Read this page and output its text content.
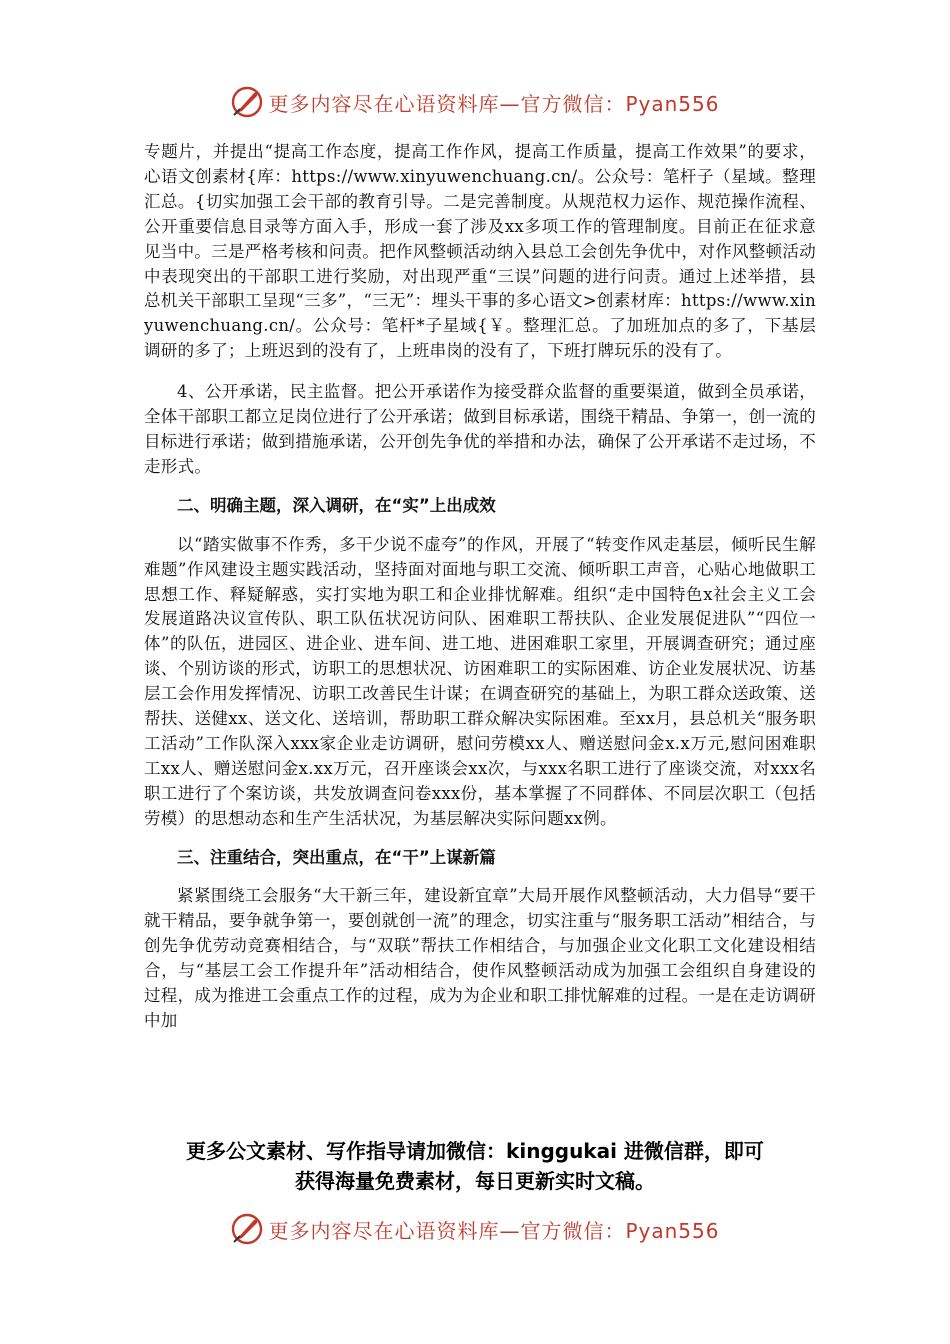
更多内容尽在心语资料库—官方微信：Pyan556

专题片，并提出“提高工作态度，提高工作作风，提高工作质量，提高工作效果”的要求，心语文创素材{库：https://www.xinyuwenchuang.cn/。公众号：笔杆子（星域。整理汇总。{切实加强工会干部的教育引导。二是完善制度。从规范权力运作、规范操作流程、公开重要信息目录等方面入手，形成一套了涉及xx多项工作的管理制度。目前正在征求意见当中。三是严格考核和问责。把作风整顿活动纳入县总工会创先争优中，对作风整顿活动中表现突出的干部职工进行奖励，对出现严重“三误”问题的进行问责。通过上述举措，县总机关干部职工呈现“三多”，“三无”：埋头干事的多心语文>创素材库：https://www.xinyuwenchuang.cn/。公众号：笔杆*子星域{￥。整理汇总。了加班加点的多了，下基层调研的多了；上班迟到的没有了，上班串岗的没有了，下班打牌玩乐的没有了。

4、公开承诺，民主监督。把公开承诺作为接受群众监督的重要渠道，做到全员承诺，全体干部职工都立足岗位进行了公开承诺；做到目标承诺，围绕干精品、争第一，创一流的目标进行承诺；做到措施承诺，公开创先争优的举措和办法，确保了公开承诺不走过场，不走形式。

二、明确主题，深入调研，在“实”上出成效

以“踏实做事不作秀，多干少说不虚夸”的作风，开展了“转变作风走基层，倾听民生解难题”作风建设主题实践活动，坚持面对面地与职工交流、倾听职工声音，心贴心地做职工思想工作、释疑解惑，实打实地为职工和企业排忧解难。组织“走中国特色x社会主义工会发展道路决议宣传队、职工队伍状况访问队、困难职工帮扶队、企业发展促进队”“四位一体”的队伍，进园区、进企业、进车间、进工地、进困难职工家里，开展调查研究；通过座谈、个别访谈的形式，访职工的思想状况、访困难职工的实际困难、访企业发展状况、访基层工会作用发挥情况、访职工改善民生计谋；在调查研究的基础上，为职工群众送政策、送帮扶、送健xx、送文化、送培训，帮助职工群众解决实际困难。至xx月，县总机关“服务职工活动”工作队深入xxx家企业走访调研，慰问劳模xx人、赠送慰问金x.x万元,慰问困难职工xx人、赠送慰问金x.xx万元，召开座谈会xx次，与xxx名职工进行了座谈交流，对xxx名职工进行了个案访谈，共发放调查问卷xxx份，基本掌握了不同群体、不同层次职工（包括劳模）的思想动态和生产生活状况，为基层解决实际问题xx例。

三、注重结合，突出重点，在“干”上谋新篇

紧紧围绕工会服务“大干新三年，建设新宜章”大局开展作风整顿活动，大力倡导“要干就干精品，要争就争第一，要创就创一流”的理念，切实注重与“服务职工活动”相结合，与创先争优劳动竞赛相结合，与“双联”帮扶工作相结合，与加强企业文化职工文化建设相结合，与“基层工会工作提升年”活动相结合，使作风整顿活动成为加强工会组织自身建设的过程，成为推进工会重点工作的过程，成为为企业和职工排忧解难的过程。一是在走访调研中加

更多公文素材、写作指导请加微信：kinggukai 进微信群，即可
获得海量免费素材，每日更新实时文稿。
更多内容尽在心语资料库—官方微信：Pyan556
